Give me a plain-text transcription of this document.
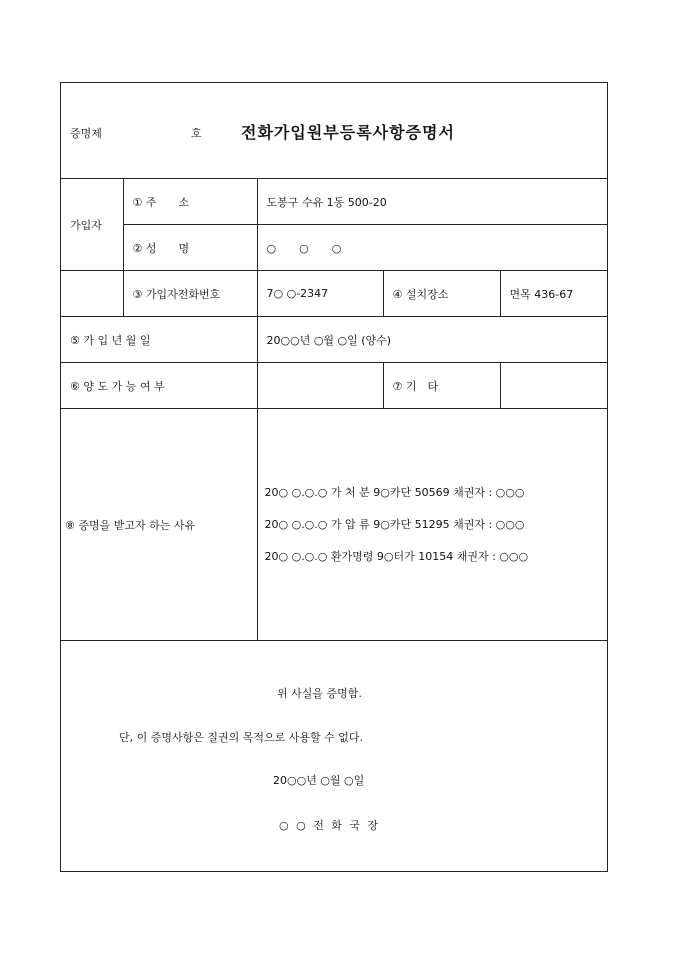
증명제	호 전화가입원부등록사항증명서
가입자	① 주　　소	도봉구 수유 1동 500-20		
	② 성　　명	○　○　○		
	③ 가입자전화번호	7○ ○-2347	④ 설치장소	면목 436-67
⑤ 가 입 년 월 일		20○○년 ○월 ○일 (양수)		
⑥ 양 도 가 능 여 부			⑦ 기　타	
⑧ 증명을 받고자 하는 사유		20○ ○.○.○ 가 처 분 9○카단 50569 채권자 : ○○○
20○ ○.○.○ 가 압 류 9○카단 51295 채권자 : ○○○
20○ ○.○.○ 환가명령 9○터가 10154 채권자 : ○○○		
위 사실을 증명함.
단, 이 증명사항은 질권의 목적으로 사용할 수 없다.
20○○년 ○월 ○일
○ ○ 전 화 국 장
